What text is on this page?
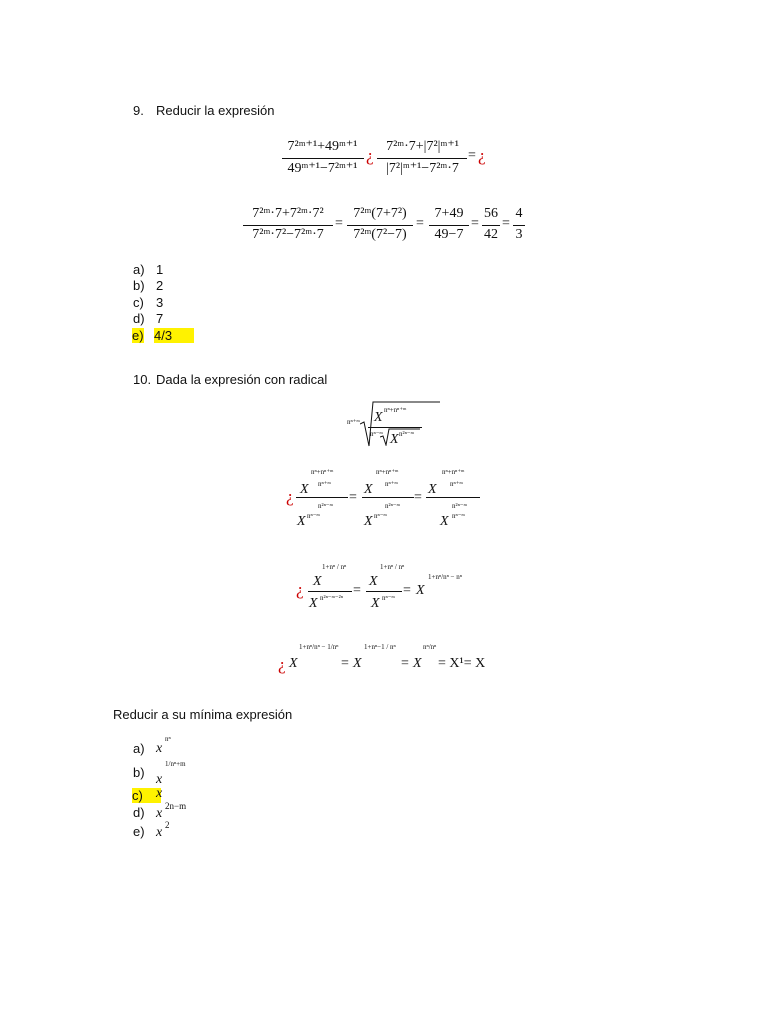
9. Reducir la expresión
7²ᵐ⁺¹+49ᵐ⁺¹
49ᵐ⁺¹−7²ᵐ⁺¹
¿ 7²ᵐ·7+|7²|ᵐ⁺¹
|7²|ᵐ⁺¹−7²ᵐ·7
= ¿
7²ᵐ·7+7²ᵐ·7²
7²ᵐ·7²−7²ᵐ·7
=
7²ᵐ(7+7²)
7²ᵐ(7²−7)
=
7+49
49−7
=
56
42
=
4
3
a) 1
b) 2
c) 3
d) 7
e) 4/3
10. Dada la expresión con radical
nⁿ⁺ᵐ
nⁿ+nⁿ⁺ᵐ
X
nⁿ⁻ᵐ X n²ⁿ⁻ᵐ
¿
nⁿ+nⁿ⁺ᵐ
nⁿ⁺ᵐ
X
n²ⁿ⁻ᵐ
X nⁿ⁻ᵐ
=
nⁿ+nⁿ⁺ᵐ
nⁿ⁺ᵐ
X
n²ⁿ⁻ᵐ
X nⁿ⁻ᵐ
=
nⁿ+nⁿ⁺ᵐ
nⁿ⁺ᵐ
X
n²ⁿ⁻ᵐ
X nⁿ⁻ᵐ
¿
1+nⁿ / nⁿ
X
X n²ⁿ⁻ᵐ⁻²ⁿ =
1+nⁿ / nⁿ
X
X nⁿ⁻ᵐ = X
1+nⁿ/nⁿ − nⁿ
¿ X
1+nⁿ/nⁿ − 1/nⁿ
= X
1+nⁿ−1 / nⁿ
= X
nⁿ/nⁿ
= X¹= X
Reducir a su mínima expresión
a) x
nⁿ
b) x
1/nⁿ+m
c) x
d) x 2n−m
e) x 2
